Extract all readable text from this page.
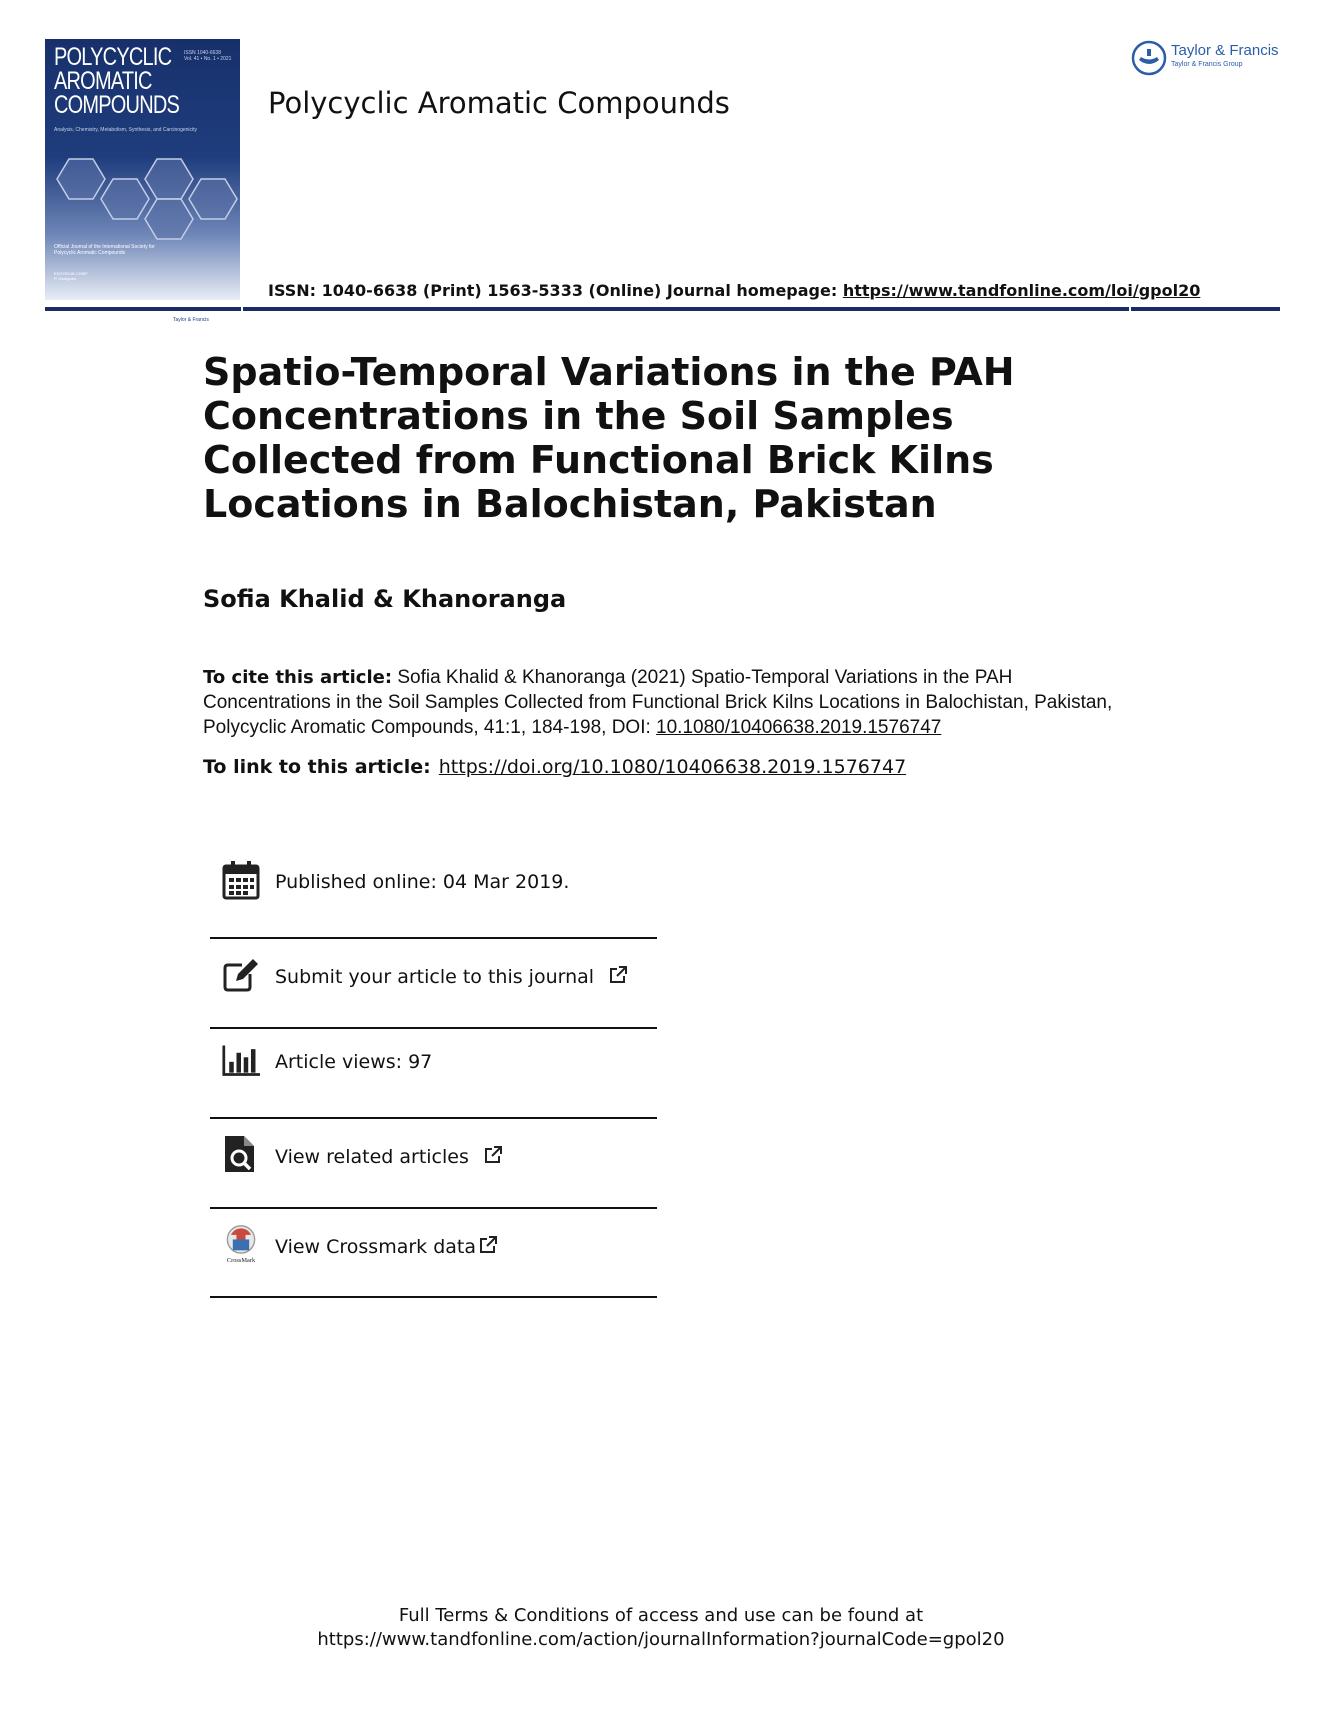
POLYCYCLIC
AROMATIC
COMPOUNDS
ISSN 1040-6638
Vol. 41 • No. 1 • 2021
Analysis, Chemistry, Metabolism, Synthesis, and Carcinogenicity
Official Journal of the International Society for Polycyclic Aromatic Compounds
EDITOR-IN-CHIEF
P. Garrigues
Taylor & Francis
Polycyclic Aromatic Compounds
ISSN: 1040-6638 (Print) 1563-5333 (Online) Journal homepage: https://www.tandfonline.com/loi/gpol20
Taylor & Francis
Taylor & Francis Group
Spatio-Temporal Variations in the PAH Concentrations in the Soil Samples Collected from Functional Brick Kilns Locations in Balochistan, Pakistan
Sofia Khalid & Khanoranga
To cite this article: Sofia Khalid & Khanoranga (2021) Spatio-Temporal Variations in the PAH Concentrations in the Soil Samples Collected from Functional Brick Kilns Locations in Balochistan, Pakistan, Polycyclic Aromatic Compounds, 41:1, 184-198, DOI: 10.1080/10406638.2019.1576747
To link to this article: https://doi.org/10.1080/10406638.2019.1576747
Published online: 04 Mar 2019.
Submit your article to this journal
Article views: 97
View related articles
CrossMark
View Crossmark data
Full Terms & Conditions of access and use can be found at
https://www.tandfonline.com/action/journalInformation?journalCode=gpol20
